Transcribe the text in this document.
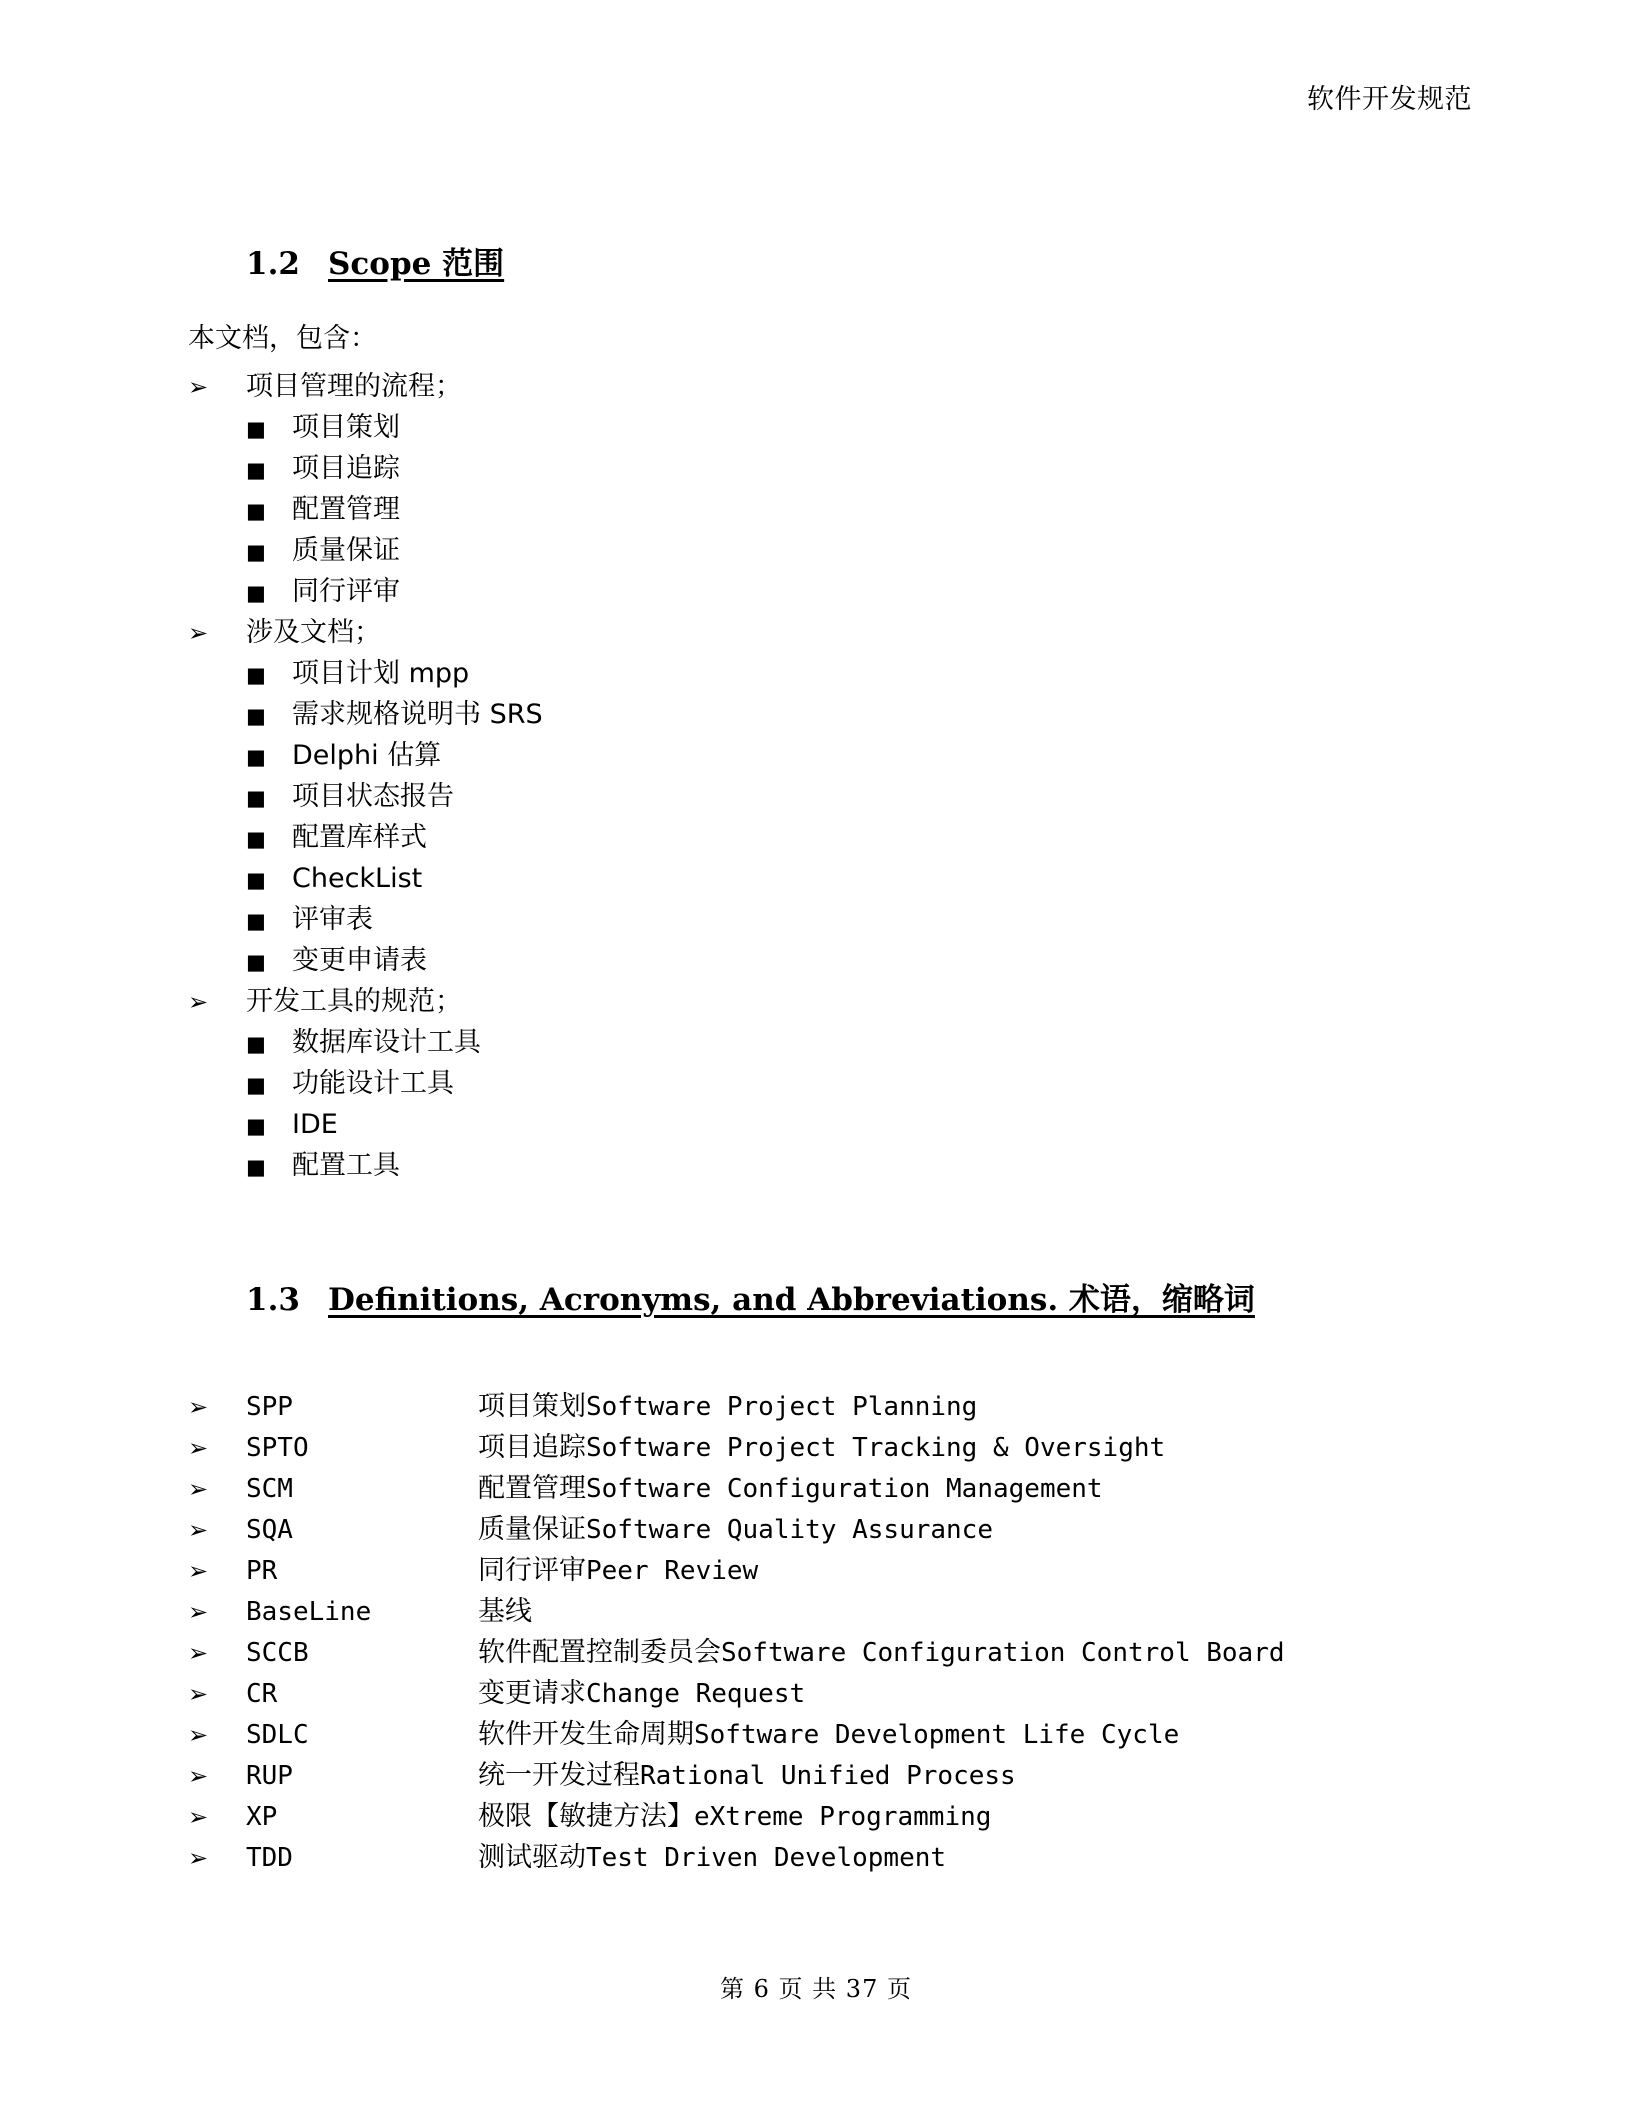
软件开发规范
1.2 Scope 范围
本文档，包含：
➢	项目管理的流程；
■ 项目策划
■ 项目追踪
■ 配置管理
■ 质量保证
■ 同行评审
➢	涉及文档；
■ 项目计划 mpp
■ 需求规格说明书 SRS
■ Delphi 估算
■ 项目状态报告
■ 配置库样式
■ CheckList
■ 评审表
■ 变更申请表
➢	开发工具的规范；
■ 数据库设计工具
■ 功能设计工具
■ IDE
■ 配置工具
1.3 Definitions, Acronyms, and Abbreviations. 术语，缩略词
➢	SPP	项目策划Software Project Planning
➢	SPTO	项目追踪Software Project Tracking & Oversight
➢	SCM	配置管理Software Configuration Management
➢	SQA	质量保证Software Quality Assurance
➢	PR	同行评审Peer Review
➢	BaseLine	基线
➢	SCCB	软件配置控制委员会Software Configuration Control Board
➢	CR	变更请求Change Request
➢	SDLC	软件开发生命周期Software Development Life Cycle
➢	RUP	统一开发过程Rational Unified Process
➢	XP	极限【敏捷方法】eXtreme Programming
➢	TDD	测试驱动Test Driven Development
第 6 页 共 37 页
